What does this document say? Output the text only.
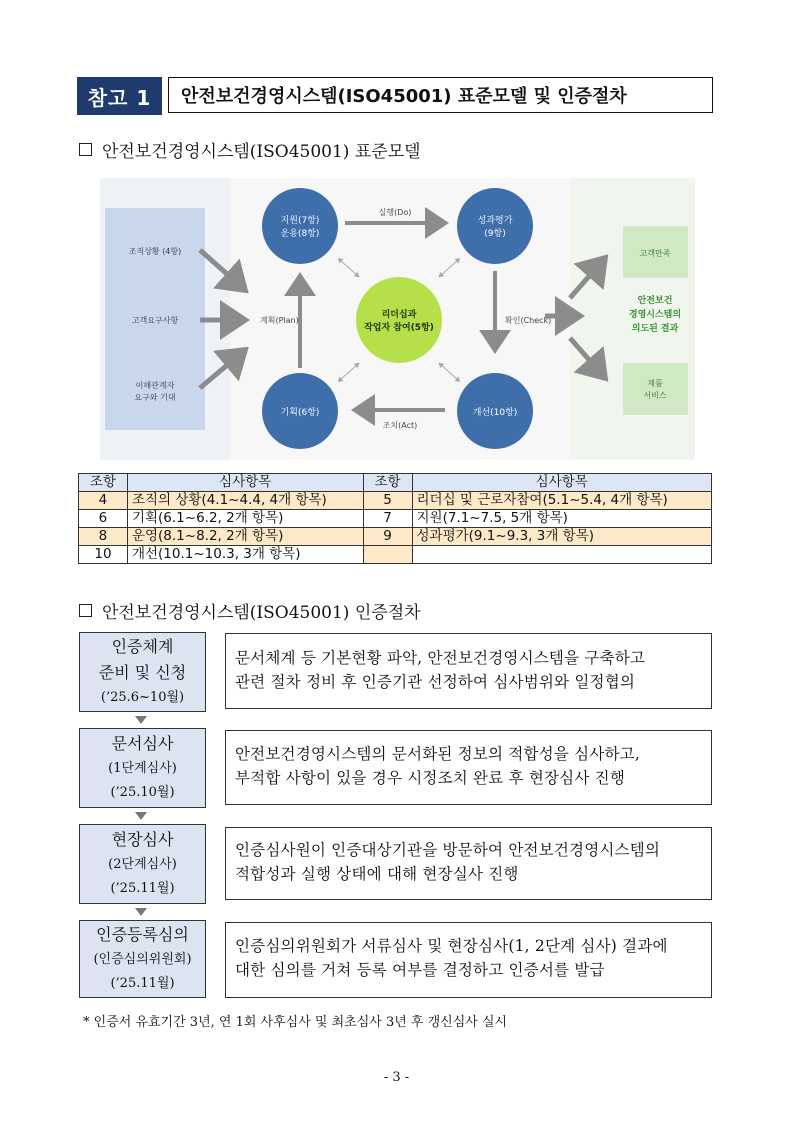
참고 1	안전보건경영시스템(ISO45001) 표준모델 및 인증절차
안전보건경영시스템(ISO45001) 표준모델
조직상황 (4항)
고객요구사항
이해관계자
요구와 기대
계획(Plan)
실행(Do)
확인(Check)
조치(Act)
지원(7항)
운용(8항)
성과평가
(9항)
리더십과
작업자 참여(5항)
기획(6항)	개선(10항)
고객만족
안전보건
경영시스템의
의도된 결과
제품
서비스
조항	심사항목	조항	심사항목
4	조직의 상황(4.1~4.4, 4개 항목)	5	리더십 및 근로자참여(5.1~5.4, 4개 항목)
6	기획(6.1~6.2, 2개 항목)	7	지원(7.1~7.5, 5개 항목)
8	운영(8.1~8.2, 2개 항목)	9	성과평가(9.1~9.3, 3개 항목)
10	개선(10.1~10.3, 3개 항목)		
안전보건경영시스템(ISO45001) 인증절차
인증체계
준비 및 신청
(’25.6~10월)
문서체계 등 기본현황 파악, 안전보건경영시스템을 구축하고
관련 절차 정비 후 인증기관 선정하여 심사범위와 일정협의
문서심사
(1단계심사)
(’25.10월)
안전보건경영시스템의 문서화된 정보의 적합성을 심사하고,
부적합 사항이 있을 경우 시정조치 완료 후 현장심사 진행
현장심사
(2단계심사)
(’25.11월)
인증심사원이 인증대상기관을 방문하여 안전보건경영시스템의
적합성과 실행 상태에 대해 현장실사 진행
인증등록심의
(인증심의위원회)
(’25.11월)
인증심의위원회가 서류심사 및 현장심사(1, 2단계 심사) 결과에
대한 심의를 거쳐 등록 여부를 결정하고 인증서를 발급
* 인증서 유효기간 3년, 연 1회 사후심사 및 최초심사 3년 후 갱신심사 실시
- 3 -
